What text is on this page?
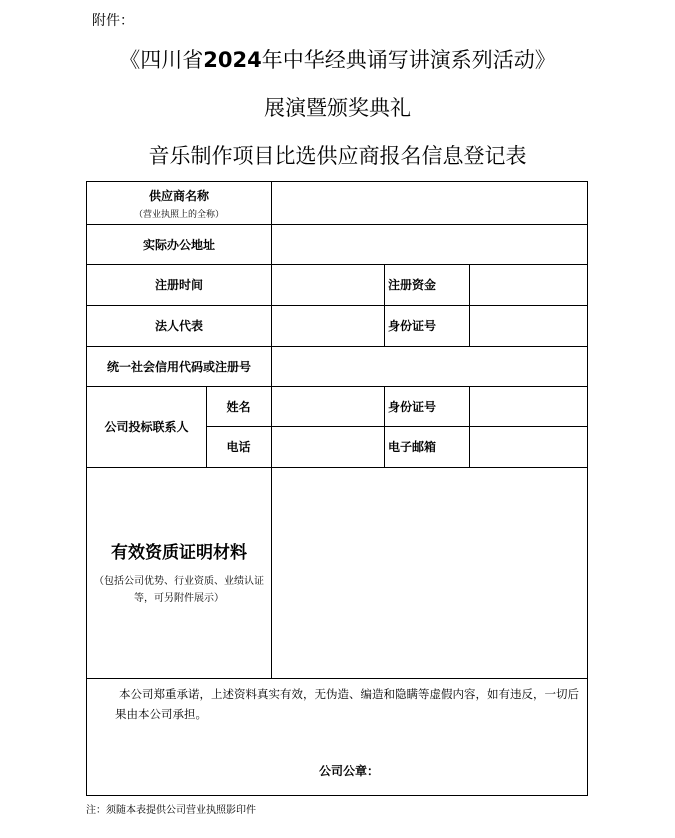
附件：
《四川省2024年中华经典诵写讲演系列活动》
展演暨颁奖典礼
音乐制作项目比选供应商报名信息登记表
供应商名称
（营业执照上的全称）
实际办公地址
注册时间	注册资金
法人代表	身份证号
统一社会信用代码或注册号
公司投标联系人
姓名	身份证号
电话	电子邮箱
有效资质证明材料
（包括公司优势、行业资质、业绩认证等，可另附件展示）
本公司郑重承诺，上述资料真实有效，无伪造、编造和隐瞒等虚假内容，如有违反，一切后果由本公司承担。
公司公章：
注：须随本表提供公司营业执照影印件
